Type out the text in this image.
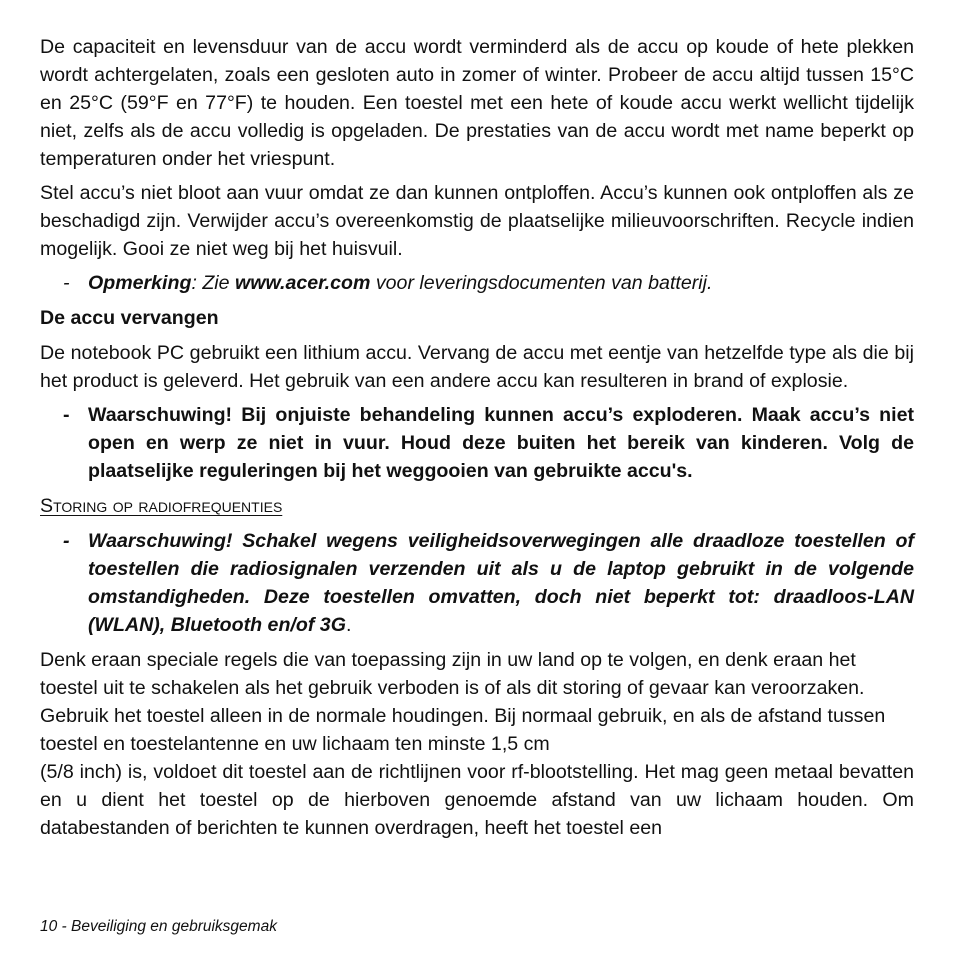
De capaciteit en levensduur van de accu wordt verminderd als de accu op koude of hete plekken wordt achtergelaten, zoals een gesloten auto in zomer of winter. Probeer de accu altijd tussen 15°C en 25°C (59°F en 77°F) te houden. Een toestel met een hete of koude accu werkt wellicht tijdelijk niet, zelfs als de accu volledig is opgeladen. De prestaties van de accu wordt met name beperkt op temperaturen onder het vriespunt.

Stel accu’s niet bloot aan vuur omdat ze dan kunnen ontploffen. Accu’s kunnen ook ontploffen als ze beschadigd zijn. Verwijder accu’s overeenkomstig de plaatselijke milieuvoorschriften. Recycle indien mogelijk. Gooi ze niet weg bij het huisvuil.

- Opmerking: Zie www.acer.com voor leveringsdocumenten van batterij.
De accu vervangen

De notebook PC gebruikt een lithium accu. Vervang de accu met eentje van hetzelfde type als die bij het product is geleverd. Het gebruik van een andere accu kan resulteren in brand of explosie.

- Waarschuwing! Bij onjuiste behandeling kunnen accu’s exploderen. Maak accu’s niet open en werp ze niet in vuur. Houd deze buiten het bereik van kinderen. Volg de plaatselijke reguleringen bij het weggooien van gebruikte accu's.
Storing op radiofrequenties
- Waarschuwing! Schakel wegens veiligheidsoverwegingen alle draadloze toestellen of toestellen die radiosignalen verzenden uit als u de laptop gebruikt in de volgende omstandigheden. Deze toestellen omvatten, doch niet beperkt tot: draadloos-LAN (WLAN), Bluetooth en/of 3G.

Denk eraan speciale regels die van toepassing zijn in uw land op te volgen, en denk eraan het toestel uit te schakelen als het gebruik verboden is of als dit storing of gevaar kan veroorzaken. Gebruik het toestel alleen in de normale houdingen. Bij normaal gebruik, en als de afstand tussen toestel en toestelantenne en uw lichaam ten minste 1,5 cm

(5/8 inch) is, voldoet dit toestel aan de richtlijnen voor rf-blootstelling. Het mag geen metaal bevatten en u dient het toestel op de hierboven genoemde afstand van uw lichaam houden. Om databestanden of berichten te kunnen overdragen, heeft het toestel een

10 - Beveiliging en gebruiksgemak
